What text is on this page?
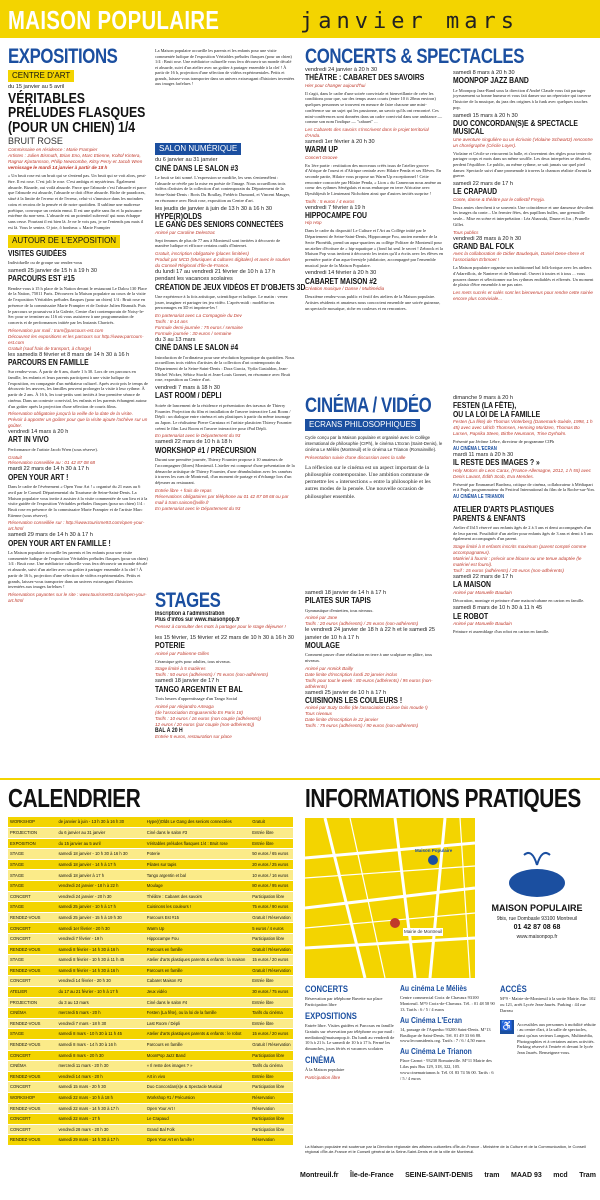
MAISON POPULAIRE	janvier mars
EXPOSITIONS
CENTRE D'ART
du 15 janvier au 5 avril
VÉRITABLES
PRÉLUDES FLASQUES
(POUR UN CHIEN) 1/4
BRUIT ROSE
Commissaire en résidence : Marie Frampier
Artistes : Julien Bismuth, Brian Eno, Marc Etienne, Koltof Kintera, Ragnar Kjartansson, Philip Newcombe, Kitsy Perry et Jacob Wren
vernissage le mardi 14 janvier à partir de 18 h
« Un bruit rose est un bruit qui se s'entend pas. Un bruit qui se voit alors, peut-être. Il est rose. C'est joli le rose. C'est ambigu et mystérieux. Également absurde. Bizarde, oui voilà absurde. Parce que l'absurde c'est l'absurde et parce que l'absurde est absurde, l'absurde se doit d'être absurde. Riche de paradoxes, situé à la limite de l'erreur et de l'erreur, celui-ci s'immisce dans les moindres coins et recoins de la pensée et de notre quotidien. Il sublime une maîtresse poétique, convoque un certain ennui. Il est une quête sans fin et la puissance extrême du non-sens. L'absurde est un potentiel subversif qui nous échappe sans cesse. Pourtant il est bien là. Je ne le vois pas, je ne l'entends pas mais il est là. Vous le sentez. O joie, ô bonheur. » Marie Frampier
AUTOUR DE L'EXPOSITION
VISITES GUIDÉES
Individuelle ou de groupe sur rendez-vous
samedi 25 janvier de 15 h à 19 h 30
PARCOURS EST #15
Rendez-vous à 15 h place de la Nation devant le restaurant Le Dalou 130 Place de la Nation, 75011 Paris. Découvrez la Maison populaire au cours de la visite de l'exposition Véritables préludes flasques (pour un chien) 1/4 : Bruit rose en présence de la commissaire Marie Frampier et de l'artiste Julien Bismuth. Puis le parcours se poursuivra à la Galerie, Centre d'art contemporain de Noisy-le-Sec pour se terminer au 116 où vous assisterez à une programmation de concerts et de performances initiée par les Instants Chavirés.
Réservation par mail : tram@parcours-est.com
Découvrez les expositions et les parcours sur http://www.parcours-est.com
Gratuit (sauf frais de transport, à charge)
les samedis 8 février et 8 mars de 14 h 30 à 16 h
PARCOURS EN FAMILLE
Sur rendez-vous. À partir de 6 ans, durée 1 h 30. Lors de ces parcours en famille, les enfants et leurs parents participent à une visite ludique de l'exposition, en compagnie d'un médiateur culturel. Après avoir pris le temps de découvrir les œuvres, les familles peuvent prolonger la visite à leur rythme. À partir de 2 ans. À 16 h, les tout-petits sont invités à leur première séance de cinéma. Dans un contexte convivial, les enfants et les parents échangent autour d'un goûter après la projection d'une sélection de courts films.
Réservation obligatoire jusqu'à la veille de la date de la visite. Prévoir à apporter un goûter pour que la visite ajoute l'achève sur un goûter.
vendredi 14 mars à 20 h
ART IN VIVO
Performance de l'artiste Jacob Wren (sous réserve).
Gratuit
Réservation conseillée au : 01 42 87 08 68
mardi 22 mars de 14 h 30 à 17 h
OPEN YOUR ART !
Dans le cadre de l'événement « Open Your Art ! » organisé du 21 mars au 6 avril par le Conseil Départemental du Tourisme de Seine-Saint-Denis. La Maison populaire vous invite à assister à la visite commentée de son lieu et à la visite guidée de l'exposition Véritables préludes flasques (pour un chien) 1/4 : Bruit rose en présence de la commissaire Marie Frampier et de l'artiste Marc Etienne (sous réserve).
Réservation conseillée sur : http://www.tourisme93.com/open-your-art.html
samedi 29 mars de 14 h 30 à 17 h
OPEN YOUR ART EN FAMILLE !
La Maison populaire accueille les parents et les enfants pour une visite commentée ludique de l'exposition Véritables préludes flasques (pour un chien) 1/4 : Bruit rose. Une médiatrice culturelle vous fera découvrir un monde décalé et absurde, suivi d'un atelier avec un goûter à partager ensemble à la clef ! À partir de 16 h, projection d'une sélection de vidéos expérimentales. Petits et grands, laissez-vous transporter dans un univers extravagant d'histoires inventées aux images farfelues !
Réservations payantes sur le site : www.tourisme93.com/open-your-art.html
SALON NUMÉRIQUE
du 6 janvier au 31 janvier
CINÉ DANS LE SALON #3
Le bruit se fait sonné. L'expression se modifie, les sens s'entremêlent : l'absurde se révèle par la mise en poésie de l'image. Nous accueillons trois vidéos d'artistes de la collection d'art contemporain du Département de la Seine-Saint-Denis : Boris Du Boullay, Frédéric Dumond, et Vincent Mauger, en résonance avec Bruit rose, exposition au Centre d'art.
les jeudis de janvier à juin de 13 h 30 à 16 h 30
HYPE(R)OLDS
LE GANG DES SENIORS CONNECTÉES
Animé par Caroline Delestrac
Sept femmes de plus de 77 ans à Montreuil sont invitées à découvrir de manière ludique et efficace certains outils d'Internet.
Gratuit, inscription obligatoire (places limitées)
Produit par MCD (Musiques & cultures digitales) et avec le soutien du Conseil Régional d'Île-de-France.
du lundi 17 au vendredi 21 février de 10 h à 17 h pendant les vacances scolaires
CRÉATION DE JEUX VIDÉOS ET D'OBJETS 3D
Une expérience à la fois artistique, scientifique et ludique. Le matin : venez jouer, imaginer et partager tes jeu vidéo. L'après-midi : modélise tes personnages en 3D et imprime-les !
En partenariat avec La Compagnie du Dev
Tarifs : 8-14 ans
Formule demi-journée : 75 euros / semaine
Formule journée : 30 euros / semaine
du 3 au 13 mars
CINÉ DANS LE SALON #4
Introduction de l'ordinateur pour une révolution hypnotique du quotidien. Nous accueillons trois vidéos d'artistes de la collection d'art contemporain du Département de la Seine-Saint-Denis : Dora Garcia, Vydia Gastaldon, Jean-Michel Wicker, Sébicz Stucki et Jean-Louis Gonnet, en résonance avec Bruit rose, exposition au Centre d'art.
vendredi 7 mars à 18 h 30
LAST ROOM / DÉPLI
Soirée de lancement de la résidence et présentation des travaux de Thierry Fournier. Projection du film et installation de l'œuvre interactive Last Room / Dépli : un dialogue entre cinéma et arts plastiques à partir du même tournage au Japon. Le réalisateur Pierre Carniaux et l'artiste plasticien Thierry Fournier créent le film Last Room et l'œuvre interactive pour iPad Dépli.
En partenariat avec le Département du 93
samedi 22 mars de 10 h à 18 h
WORKSHOP #1 / PRÉCURSION
Durant une première journée, Thierry Fournier propose à 10 amateurs de l'accompagner (libres) Montreuil. L'atelier est composé d'une présentation de la démarche artistique de Thierry Fournier, d'une déambulation avec les caméras à travers les rues de Montreuil, d'un moment de partage et d'échange lors d'un déjeuner au restaurant.
Entrée libre + frais de repas
Réservations obligatoires par téléphone au 01 42 87 08 68 ou par mail à tram.saison@ville.fr
En partenariat avec le Département du 93
La Maison populaire accueille les parents et les enfants pour une visite commentée ludique de l'exposition Véritables préludes flasques (pour un chien) 1/4 : Bruit rose. Une médiatrice culturelle vous fera découvrir un monde décalé et absurde, suivi d'un atelier avec un goûter à partager ensemble à la clef ! À partir de 16 h, projection d'une sélection de vidéos expérimentales. Petits et grands, laissez-vous transporter dans un univers extravagant d'histoires inventées aux images farfelues !
STAGES
Inscription à l'administration
Plus d'infos sur www.maisonpop.fr
Pensez à consulter des mots à partager pour le stage déjeuner !
les 15 février, 15 février et 22 mars de 10 h 30 à 16 h 30
POTERIE
Animé par Fabienne Gilles
Céramique grès pour adultes, tous niveaux.
Stage limité à 5 matières
Tarifs : 50 euros (adhérents) / 75 euros (non-adhérents)
samedi 18 janvier de 17 h
TANGO ARGENTIN ET BAL
Trois heures d'apprentissage d'un Tango Social
Animé par Alejandro Arteaga
(de l'association Enguaserrido En Paris 18)
Tarifs : 10 euros / 16 euros (non couple (adhérents))
12 euros / 20 euros (par couple (non-adhérents))
BAL À 20 H
Entrée 5 euros, restauration sur place
samedi 18 janvier de 14 h à 17 h
PILATES SUR TAPIS
Gymnastique d'entretien, tous niveaux.
Animé par Jane
Tarifs : 20 euros (adhérents) / 25 euros (non-adhérents)
le vendredi 24 janvier de 18 h à 22 h et le samedi 25 janvier de 10 h à 17 h
MOULAGE
Comment passer d'une réalisation en terre à une sculpture en plâtre, tous niveaux.
Animé par Annick Bailly
Date limite d'inscription lundi 20 janvier inclus
Tarifs pour tout le week : 80 euros (adhérents) / 95 euros (non-adhérents)
samedi 25 janvier de 10 h à 17 h
CUISINONS LES COULEURS !
Animé par Suzy Gollin (de l'association Cuisse fais moude !)
Tous niveaux
Date limite d'inscription le 22 janvier
Tarifs : 75 euros (adhérents) / 90 euros (non-adhérents)
CONCERTS & SPECTACLES
vendredi 24 janvier à 20 h 30
THÉÂTRE : CABARET DES SAVOIRS
Hier pour changer aujourd'hui
Il s'agit, dans le cadre d'une soirée conviviale et bienveillante de créer les conditions pour que, sur des temps assez courts (entre 10 ft 20mn environ) quelques personnes se trouvent en mesure de faire chacune une mini-conférence sur un sujet qui les passionne, un savoir qu'ils ont rencontré. Ces mini-conférences sont données dans un cadre convivial dans une ambiance — comme son nom l'indique — "cabaret" ...
Les Cabarets des savoirs s'inscrivent dans le projet territorial d'Anda.
samedi 1er février à 20 h 30
WARM UP
Concert Groove
En 1ère partie : restitution des morceaux créés issus de l'atelier groove d'Afrique de l'ouest et d'Afrique centrale avec Hilaire Penda et ses Elèves. En seconde partie, Hilaire vous propose un Warm'Up exceptionnel ! Cette rencontre concoctée par Hilaire Penda, « Lion » du Cameroun nous amène au coeur des rythmes Sénégalais et nous embarque en terre Africaine avec Djeuhlijeuh le Lieutenant Nichobien ainsi que d'autres invités surprise !
Tarifs : 5 euros / 4 euros
vendredi 7 février à 19 h
HIPPOCAMPE FOU
Hip Hop
Dans le cadre du dispositif Le Culture et l'Art au Collège initié par le Département de Seine-Saint-Denis, Hippocampe Fou, ancien membre de la Secte Phonétik, prend un aqua-quartiers au collège Politzer de Montreuil pour un atelier d'écriture de « hip-aquatique » (fond lui seul le secret ! Zebrock et la Maison Pop vous invitent à découvrir les textes qu'il a écrits avec les élèves en première partie d'un aqua-freestyle jubilatoire, accompagné par l'ensemble musical juste de la Maison Populaire.
vendredi 14 février à 20 h 30
CABARET MAISON #2
Création musique / Danse / Multimédia
Deuxième rendez-vous public et festif des ateliers de la Maison populaire. Artistes résidents et amateurs nous concoctent ensemble une soirée guinease, un spectacle mosaïque, riche en couleurs et en rencontres.
samedi 8 mars à 20 h 30
MOONPOP JAZZ BAND
Le Moonpop Jazz-Band sous la direction d'André Claude vous fait partager joyeusement sa bonne humeur et vous fait danser sur un répertoire qui traverse l'histoire de la musique, du jazz des origines à la funk avec quelques touches pop.
samedi 15 mars à 20 h 30
DUO CONCORDAN(S)E & SPECTACLE
MUSICAL
Une aventure singulière ou un écrivain (Violaine Schwartz) rencontre un chorégraphe (Cécile Loyer).
Violaine et Cécile se retrouvent la balle, et s'inventent des règles pour tenter de partager corps et mots dans un même souffle. Les deux interprètes se décalent, perdent l'équilibre. Le public, au même rythme, se sait jamais sur quel pied danser. Spectacle suivi d'une promenade à travers la chanson réaliste d'avant la guerre.
samedi 22 mars de 17 h
LE CRAPAUD
Conte, danse & théâtre par le collectif Freyja.
Deux amies cherchent à se souvenir. Une coïncidence et une danseuse dévoilent les images du conte... Un fermier fêtes, des papillons bulles, une grenouille seule... Mise en scène et interprétation : Léa Abarzaki, Dasne et Jos ; Prunelle Gillet.
Tous publics
vendredi 28 mars à 20 h 30
GRAND BAL FOLK
Avec la collaboration de Didier Baudequin, Daniel Dene-chere et l'association Erbmoet !
La Maison populaire organise son traditionnel bal folk-lorique avec les ateliers d'Adareillois, de Nanterre et de Montreuil. Ouvert à toutes et à tous ... vous pourrez danser et sélectionner sur les rythmes endiablés et effrenés. Un moment de plaisir d'être ensemble à ne pas rater.
Les mets sucrés et salés sont les bienvenus pour rendre cette soirée encore plus conviviale...
CINÉMA / VIDÉO
ECRANS PHILOSOPHIQUES
Cycle conçu par la Maison populaire et organisé avec le Collège international de philosophie (CIPh), le cinéma L'Ecran (Saint-Denis), le cinéma Le Méliès (Montreuil) et le cinéma Le Trianon (Romainville).
Présentation suivie d'une discussion avec la salle
La réflexion sur le cinéma est un aspect important de la philosophie contemporaine. Une ambition commune de permettre les « intersections » entre la philosophie et les autres modes de la pensée. Une nouvelle occasion de philosopher ensemble.
dimanche 9 mars à 20 h
FESTEN (LA FÊTE),
OU LA LOI DE LA FAMILLE
Festen (La fête) de Thomas Vinterberg (Danemark-Suède, 1998, 1 h 45) avec avec Ulrich Thomsen, Henning Moritzen, Thomas Bo Larsen, Paprika Steen, Birthe Neumann, Trine Dyrholm.
Présenté par Jérôme Lèbre, directeur de programme CIPh
AU CINÉMA L'ECRAN
mardi 11 mars à 20 h 30
IL RESTE DES IMAGES ? »
Holy Motors de Leos Carax, (France-Allemagne, 2012, 1 h 55) avec Denis Lavant, Édith Scob, Eva Mendes.
Présenté par Emmanuel Burdeau, critique de cinéma, collaborateur à Médiapart et à Paplr, programmateur du Festival International du film de la Roche-sur-Yon.
AU CINÉMA LE TRIANON
ATELIER D'ARTS PLASTIQUES
PARENTS & ENFANTS
Atelier d'1h15 réservé aux enfants âgés de 2 à 3 ans et demi accompagnés d'un de leur parent. Possibilité d'un atelier pour enfants âgés de 3 ans et demi à 5 ans également accompagnés d'un parent.
Stage limité à 8 enfants inscrits maximum (parent compté comme accompagnateur).
Matériel à fournir : prévoir une blouse ou une tenue adaptée (le matériel est fourni).
Tarif : 15 euros (adhérents) / 20 euros (non-adhérents)
samedi 22 mars de 17 h
LA MAISON
Animé par Manuelle Baudain
Décoration, montage et peinture d'une maison/cabane en carton en famille.
samedi 8 mars de 10 h 30 à 11 h 45
LE ROBOT
Animé par Manuelle Baudain
Peinture et assemblage d'un robot en carton en famille.
CALENDRIER
WORKSHOP	de janvier à juin - 13 h 30 à 16 h 30	Hype(r)Olds Le Gang des seniors connectées	Gratuit
PROJECTION	du 6 janvier au 31 janvier	Ciné dans le salon #3	Entrée libre
EXPOSITION	du 15 janvier au 5 avril	Véritables préludes flasques 1/4 : Bruit rose	Entrée libre
STAGE	samedi 18 janvier - 10 h 30 à 16 h 30	Poterie	50 euros / 65 euros
STAGE	samedi 18 janvier - 14 h à 17 h	Pilates sur tapis	20 euros / 25 euros
STAGE	samedi 18 janvier à 17 h	Tango argentin et bal	10 euros / 16 euros
STAGE	vendredi 24 janvier - 18 h à 22 h	Moulage	80 euros / 95 euros
CONCERT	vendredi 24 janvier - 20 h 30	Théâtre : Cabaret des savoirs	Participation libre
STAGE	samedi 25 janvier - 10 h à 17 h	Cuisinons les couleurs !	75 euros / 90 euros
RENDEZ-VOUS	samedi 25 janvier - 15 h à 19 h 30	Parcours Est #15	Gratuit / Réservation
CONCERT	samedi 1er février - 20 h 30	Warm Up	5 euros / 4 euros
CONCERT	vendredi 7 février - 19 h	Hippocampe Fou	Participation libre
RENDEZ-VOUS	samedi 8 février - 14 h 30 à 16 h	Parcours en famille	Gratuit / Réservation
STAGE	samedi 8 février - 10 h 30 à 11 h 45	Atelier d'arts plastiques parents & enfants : la maison	15 euros / 20 euros
RENDEZ-VOUS	samedi 8 février - 14 h 30 à 16 h	Parcours en famille	Gratuit / Réservation
CONCERT	vendredi 14 février - 20 h 30	Cabaret Maison #2	Entrée libre
ATELIER	du 17 au 21 février - 10 h à 17 h	Jeux vidéo	30 euros / 75 euros
PROJECTION	du 3 au 13 mars	Ciné dans le salon #4	Entrée libre
CINÉMA	mercredi 5 mars - 20 h	Festen (La fête), ou la loi de la famille	Tarifs du cinéma
RENDEZ-VOUS	vendredi 7 mars - 18 h 30	Last Room / Dépli	Entrée libre
STAGE	samedi 8 mars - 10 h 30 à 11 h 45	Atelier d'arts plastiques parents & enfants : le robot	15 euros / 20 euros
RENDEZ-VOUS	samedi 8 mars - 14 h 30 à 16 h	Parcours en famille	Gratuit / Réservation
CONCERT	samedi 8 mars - 20 h 30	MoonPop Jazz Band	Participation libre
CINÉMA	mercredi 11 mars - 20 h 30	« Il reste des images ? »	Tarifs du cinéma
RENDEZ-VOUS	vendredi 14 mars - 20 h	Art in vivo	Entrée libre
CONCERT	samedi 15 mars - 20 h 30	Duo Concordan(s)e & Spectacle Musical	Participation libre
WORKSHOP	samedi 22 mars - 10 h à 18 h	Workshop #1 / Précursion	Réservation
RENDEZ-VOUS	samedi 22 mars - 14 h 30 à 17 h	Open Your Art !	Réservation
CONCERT	samedi 22 mars - 17 h	Le Crapaud	Participation libre
CONCERT	vendredi 28 mars - 20 h 30	Grand Bal Folk	Participation libre
RENDEZ-VOUS	samedi 29 mars - 14 h 30 à 17 h	Open Your Art en famille !	Réservation
INFORMATIONS PRATIQUES
Mairie de Montreuil
Maison Populaire
MAISON POPULAIRE
9bis, rue Dombasle 93100 Montreuil
01 42 87 08 68
www.maisonpop.fr
CONCERTS
Réservation par téléphone Buvette sur place Participation libre
EXPOSITIONS
Entrée libre. Visites guidées et Parcours en famille Gratuits sur réservation par téléphone ou par mail : mediation@maisonpop.fr. Du lundi au vendredi de 10 h à 21 h. Le samedi de 10 h à 17 h. Fermé les dimanches, jours fériés et vacances scolaires
CINÉMA
À la Maison populaire
Participation libre
Au cinéma Le Méliès
Centre commercial Croix de Chavaux 93100 Montreuil. M°9 Croix-de-Chavaux. Tél. : 01 48 58 90 13. Tarifs : 6 / 5 / 4 euros
Au Cinéma L'Ecran
14, passage de l'Aqueduc 93200 Saint-Denis. M°13 Basilique de Saint-Denis. Tél. 01 49 33 66 88. www.lecranstdenis.org. Tarifs : 7 / 6 / 4,50 euros
Au Cinéma Le Trianon
Place Carnot - 93230 Romainville. M°11 Mairie des Lilas puis Bus 129, 318, 322, 105. www.cinematrianon.fr. Tél. 01 83 74 56 00. Tarifs : 6 / 5 / 4 euros
ACCÈS
M°9 - Mairie-de-Montreuil à la sortie Mairie. Bus 102 ou 121, arrêt Lycée Jean-Jaurès. Parking : 44 rue Dareau
♿ Accessibles aux personnes à mobilité réduite : au centre d'art, à la salle de spectacles, ainsi qu'aux secteurs Langues, Multimédia, Photographies et à certaines autres activités. Parking réservé à l'entrée et devant le lycée Jean Jaurès. Renseignez-vous.
La Maison populaire est soutenue par la Direction régionale des affaires culturelles d'Île-de-France - Ministère de la Culture et de la Communication, le Conseil régional d'Île-de-France et le Conseil général de la Seine-Saint-Denis et de la ville de Montreuil.
Montreuil.fr Île-de-France SEINE-SAINT-DENIS tram MAAD 93 mcd Tram
